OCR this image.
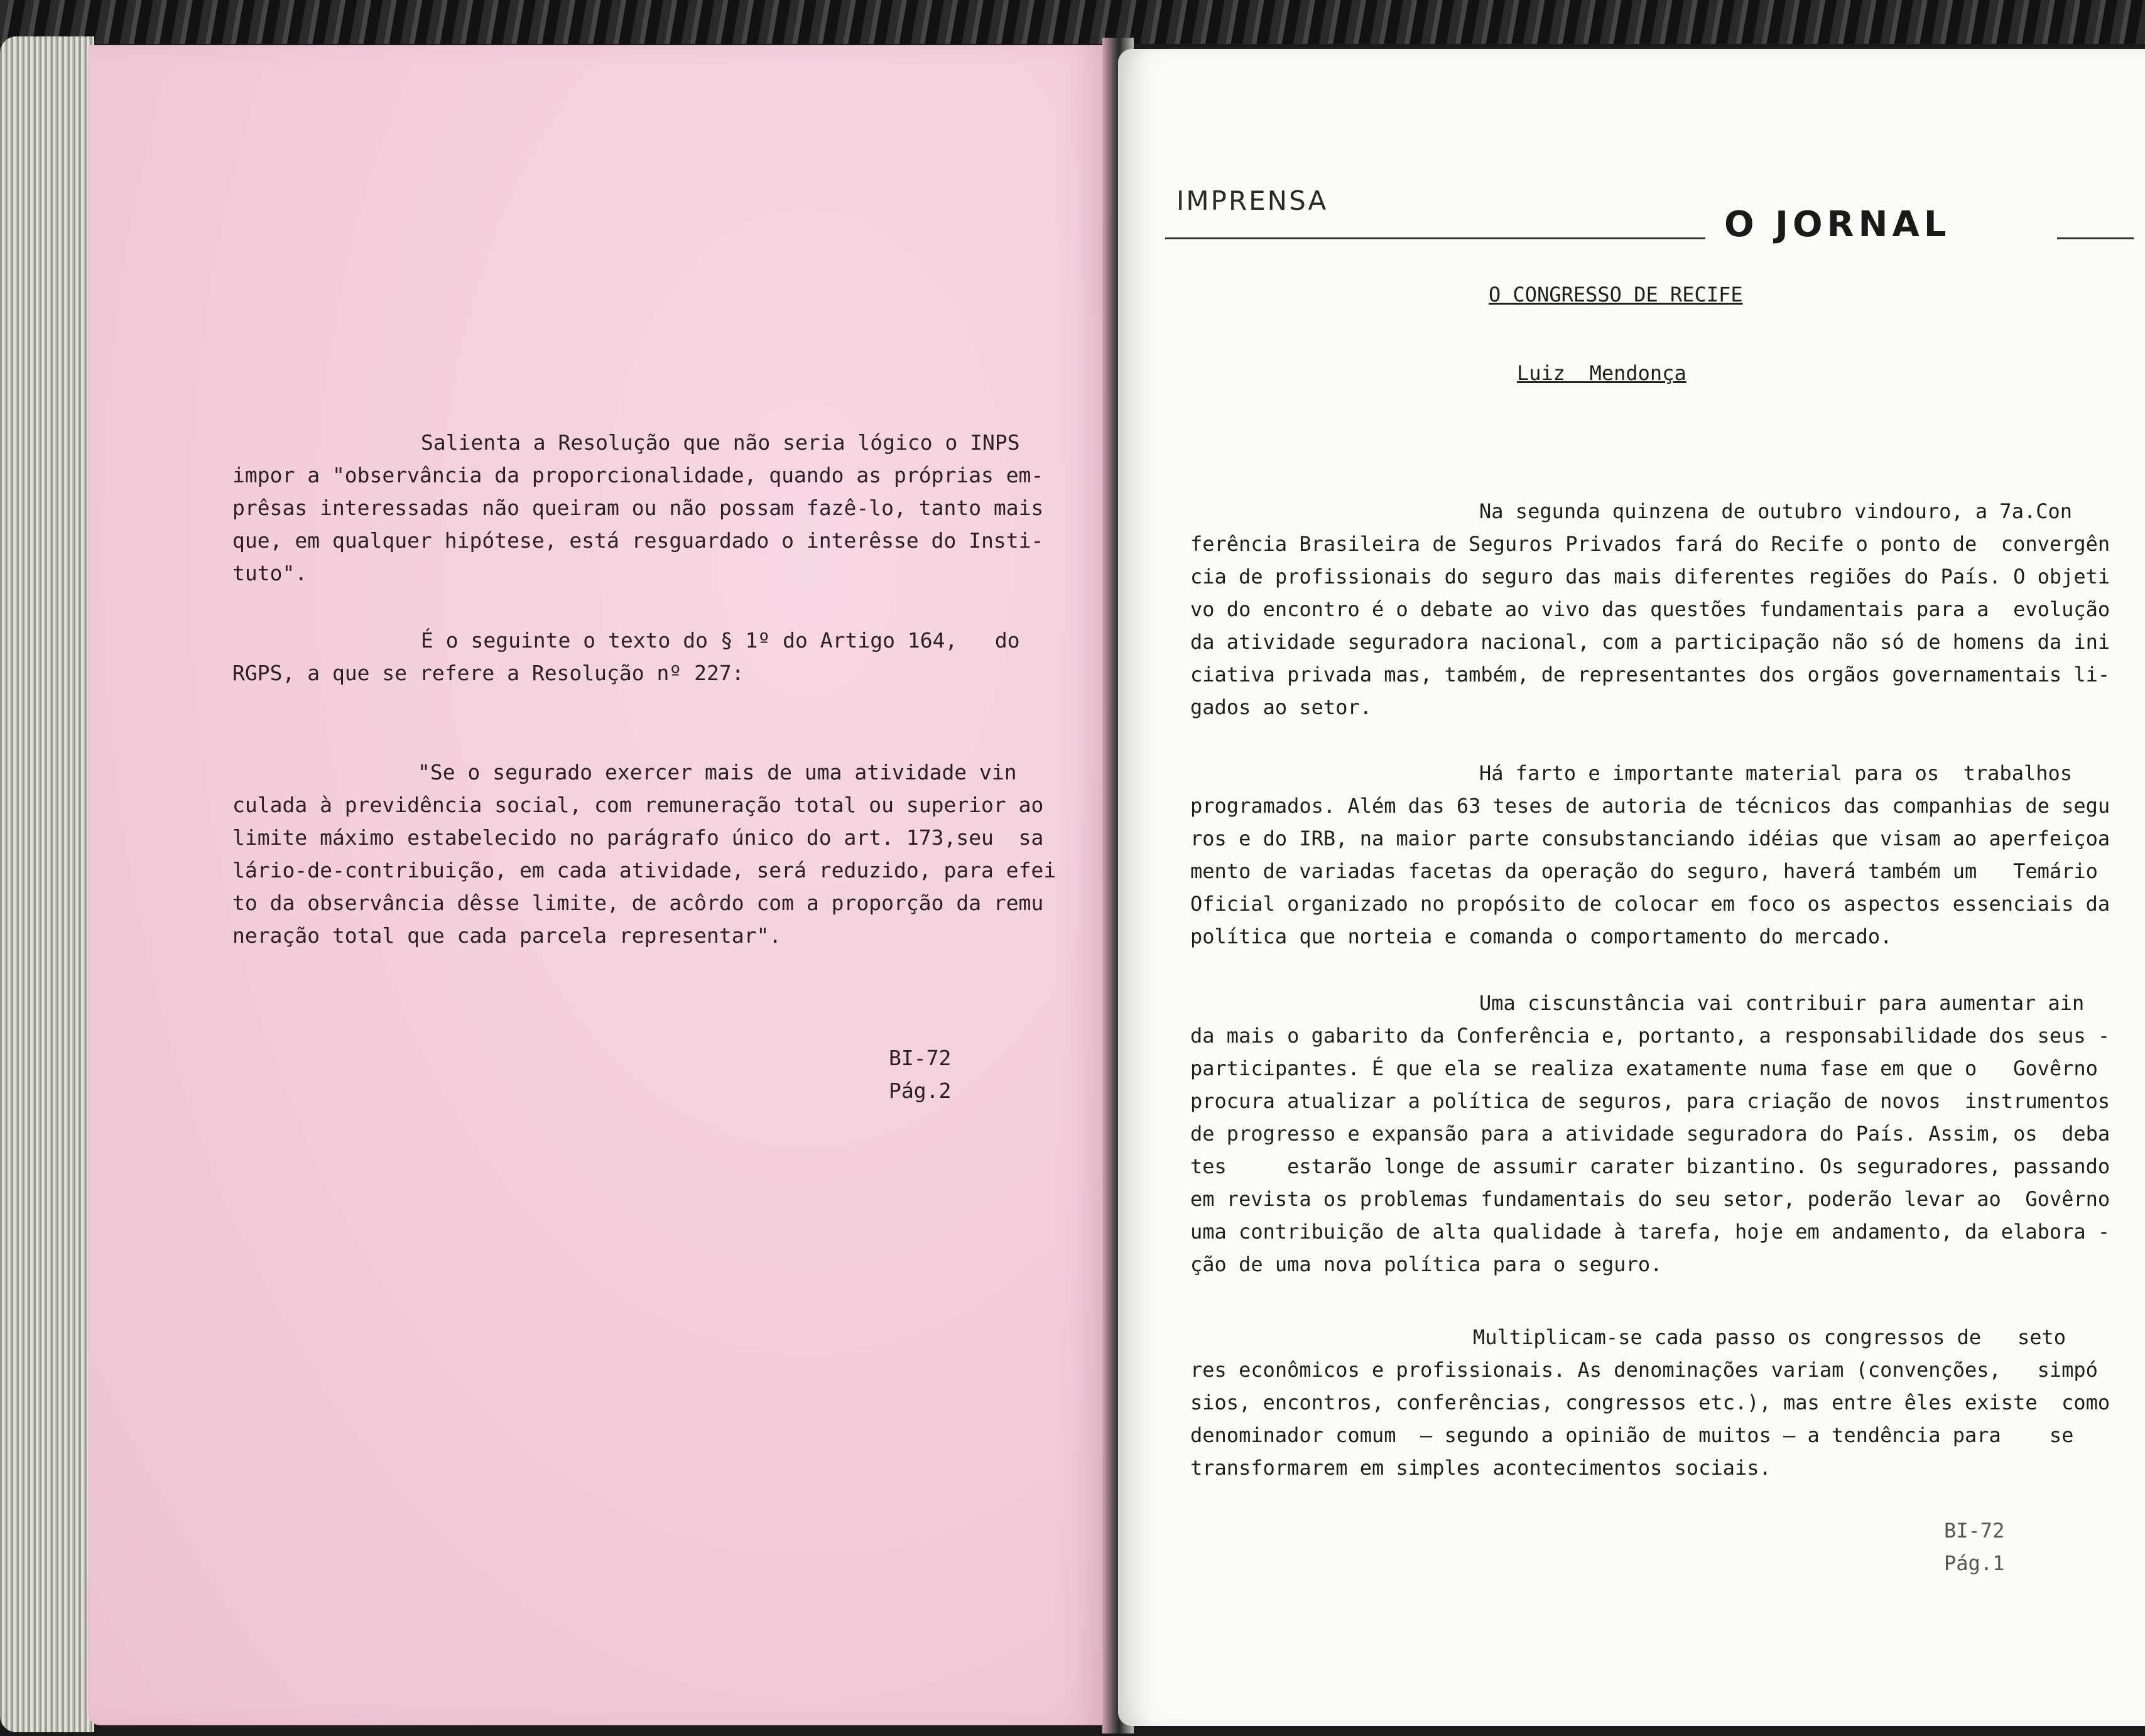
Salienta a Resolução que não seria lógico o INPS
impor a "observância da proporcionalidade, quando as próprias em-
prêsas interessadas não queiram ou não possam fazê-lo, tanto mais
que, em qualquer hipótese, está resguardado o interêsse do Insti-
tuto".
É o seguinte o texto do § 1º do Artigo 164,   do
RGPS, a que se refere a Resolução nº 227:
"Se o segurado exercer mais de uma atividade vin
culada à previdência social, com remuneração total ou superior ao
limite máximo estabelecido no parágrafo único do art. 173,seu  sa
lário-de-contribuição, em cada atividade, será reduzido, para efei
to da observância dêsse limite, de acôrdo com a proporção da remu
neração total que cada parcela representar".
BI-72
Pág.2
IMPRENSA
O JORNAL
O CONGRESSO DE RECIFE
Luiz  Mendonça
Na segunda quinzena de outubro vindouro, a 7a.Con
ferência Brasileira de Seguros Privados fará do Recife o ponto de  convergên
cia de profissionais do seguro das mais diferentes regiões do País. O objeti
vo do encontro é o debate ao vivo das questões fundamentais para a  evolução
da atividade seguradora nacional, com a participação não só de homens da ini
ciativa privada mas, também, de representantes dos orgãos governamentais li-
gados ao setor.
Há farto e importante material para os  trabalhos
programados. Além das 63 teses de autoria de técnicos das companhias de segu
ros e do IRB, na maior parte consubstanciando idéias que visam ao aperfeiçoa
mento de variadas facetas da operação do seguro, haverá também um   Temário
Oficial organizado no propósito de colocar em foco os aspectos essenciais da
política que norteia e comanda o comportamento do mercado.
Uma ciscunstância vai contribuir para aumentar ain
da mais o gabarito da Conferência e, portanto, a responsabilidade dos seus -
participantes. É que ela se realiza exatamente numa fase em que o   Govêrno
procura atualizar a política de seguros, para criação de novos  instrumentos
de progresso e expansão para a atividade seguradora do País. Assim, os  deba
tes     estarão longe de assumir carater bizantino. Os seguradores, passando
em revista os problemas fundamentais do seu setor, poderão levar ao  Govêrno
uma contribuição de alta qualidade à tarefa, hoje em andamento, da elabora -
ção de uma nova política para o seguro.
Multiplicam-se cada passo os congressos de   seto
res econômicos e profissionais. As denominações variam (convenções,   simpó
sios, encontros, conferências, congressos etc.), mas entre êles existe  como
denominador comum  — segundo a opinião de muitos — a tendência para    se
transformarem em simples acontecimentos sociais.
BI-72
Pág.1
